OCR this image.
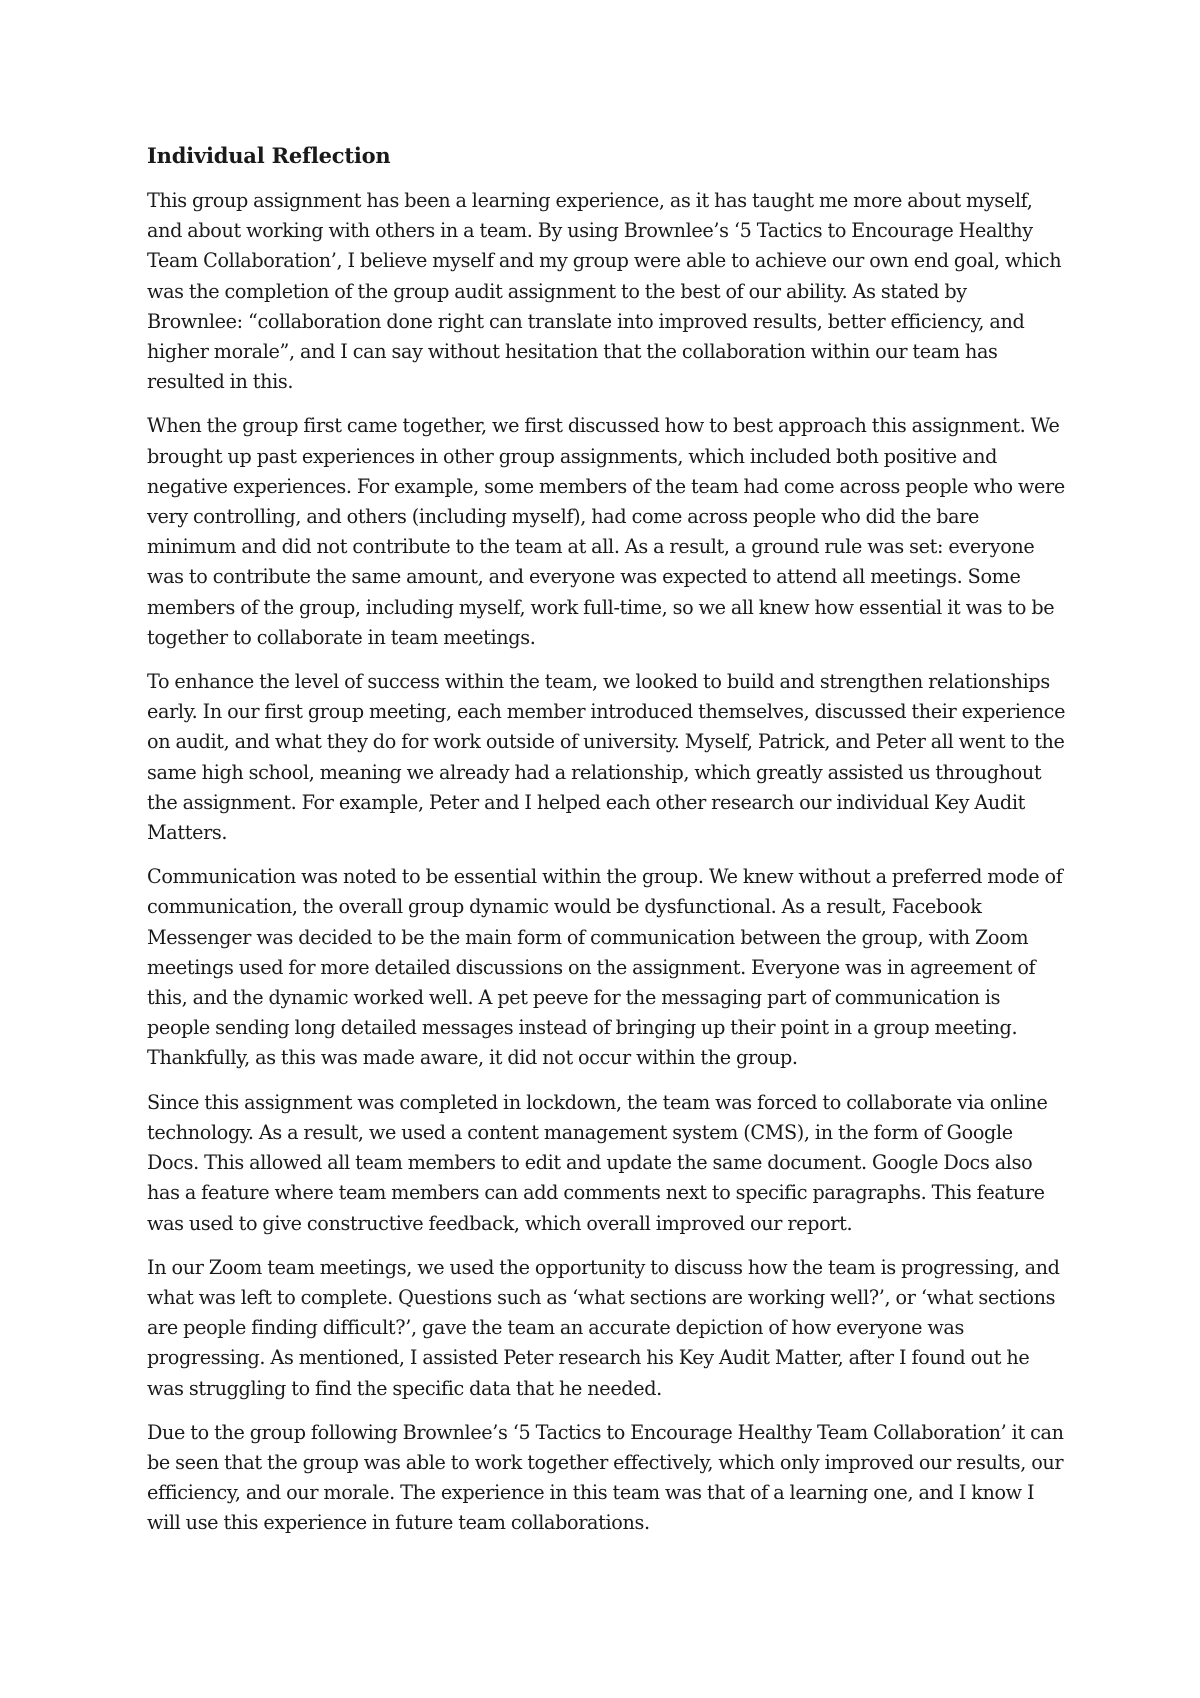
Individual Reflection

This group assignment has been a learning experience, as it has taught me more about myself, and about working with others in a team. By using Brownlee’s ‘5 Tactics to Encourage Healthy Team Collaboration’, I believe myself and my group were able to achieve our own end goal, which was the completion of the group audit assignment to the best of our ability. As stated by Brownlee: “collaboration done right can translate into improved results, better efficiency, and higher morale”, and I can say without hesitation that the collaboration within our team has resulted in this.

When the group first came together, we first discussed how to best approach this assignment. We brought up past experiences in other group assignments, which included both positive and negative experiences. For example, some members of the team had come across people who were very controlling, and others (including myself), had come across people who did the bare minimum and did not contribute to the team at all. As a result, a ground rule was set: everyone was to contribute the same amount, and everyone was expected to attend all meetings. Some members of the group, including myself, work full-time, so we all knew how essential it was to be together to collaborate in team meetings.

To enhance the level of success within the team, we looked to build and strengthen relationships early. In our first group meeting, each member introduced themselves, discussed their experience on audit, and what they do for work outside of university. Myself, Patrick, and Peter all went to the same high school, meaning we already had a relationship, which greatly assisted us throughout the assignment. For example, Peter and I helped each other research our individual Key Audit Matters.

Communication was noted to be essential within the group. We knew without a preferred mode of communication, the overall group dynamic would be dysfunctional. As a result, Facebook Messenger was decided to be the main form of communication between the group, with Zoom meetings used for more detailed discussions on the assignment. Everyone was in agreement of this, and the dynamic worked well. A pet peeve for the messaging part of communication is people sending long detailed messages instead of bringing up their point in a group meeting. Thankfully, as this was made aware, it did not occur within the group.

Since this assignment was completed in lockdown, the team was forced to collaborate via online technology. As a result, we used a content management system (CMS), in the form of Google Docs. This allowed all team members to edit and update the same document. Google Docs also has a feature where team members can add comments next to specific paragraphs. This feature was used to give constructive feedback, which overall improved our report.

In our Zoom team meetings, we used the opportunity to discuss how the team is progressing, and what was left to complete. Questions such as ‘what sections are working well?’, or ‘what sections are people finding difficult?’, gave the team an accurate depiction of how everyone was progressing. As mentioned, I assisted Peter research his Key Audit Matter, after I found out he was struggling to find the specific data that he needed.

Due to the group following Brownlee’s ‘5 Tactics to Encourage Healthy Team Collaboration’ it can be seen that the group was able to work together effectively, which only improved our results, our efficiency, and our morale. The experience in this team was that of a learning one, and I know I will use this experience in future team collaborations.
